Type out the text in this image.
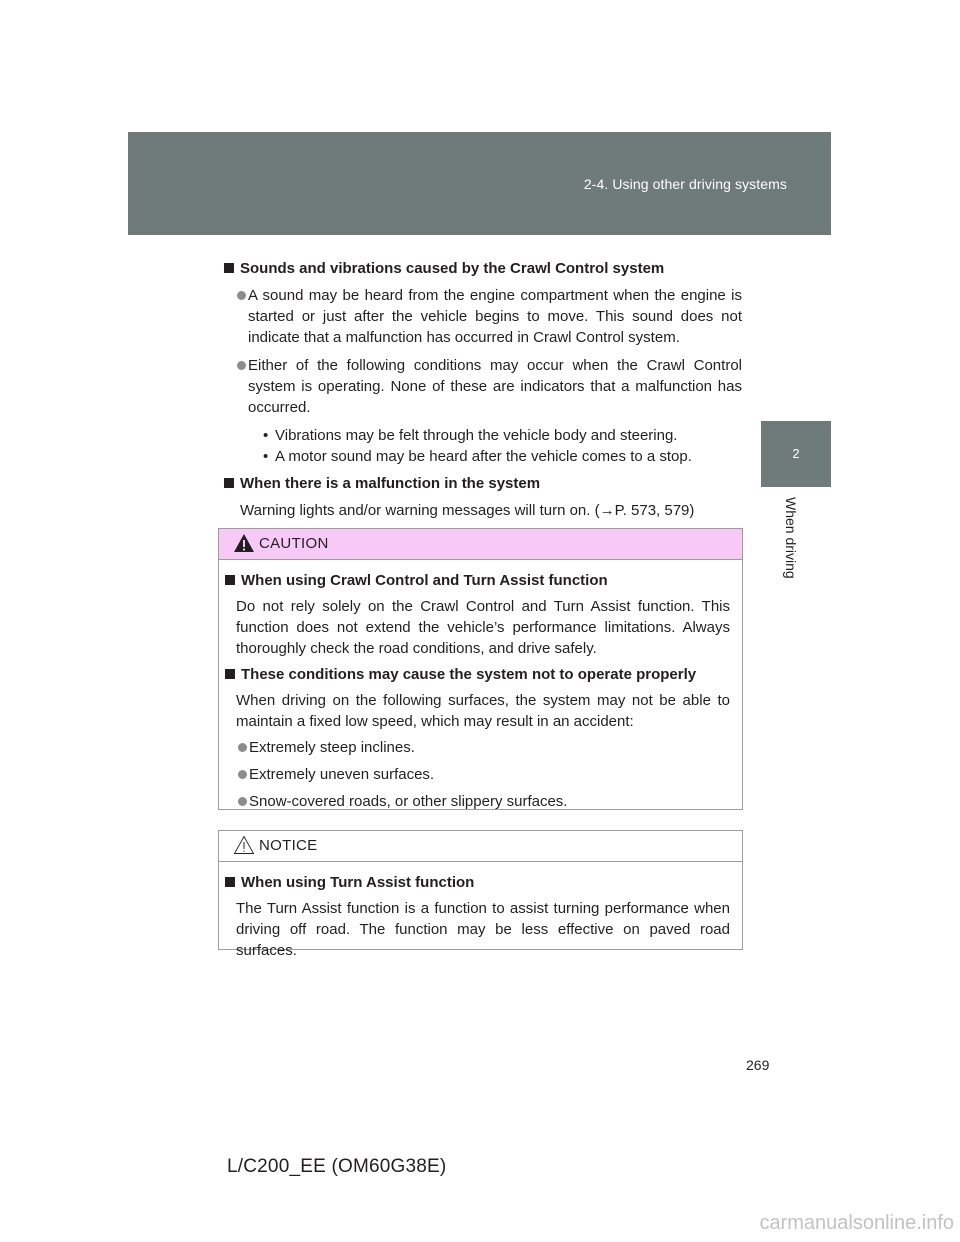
2-4. Using other driving systems
2
When driving

Sounds and vibrations caused by the Crawl Control system

A sound may be heard from the engine compartment when the engine is started or just after the vehicle begins to move. This sound does not indicate that a malfunction has occurred in Crawl Control system.

Either of the following conditions may occur when the Crawl Control system is operating. None of these are indicators that a malfunction has occurred.

• Vibrations may be felt through the vehicle body and steering.

• A motor sound may be heard after the vehicle comes to a stop.

When there is a malfunction in the system

Warning lights and/or warning messages will turn on. (→P. 573, 579)

CAUTION

When using Crawl Control and Turn Assist function

Do not rely solely on the Crawl Control and Turn Assist function. This function does not extend the vehicle’s performance limitations. Always thoroughly check the road conditions, and drive safely.

These conditions may cause the system not to operate properly

When driving on the following surfaces, the system may not be able to maintain a fixed low speed, which may result in an accident:

Extremely steep inclines.

Extremely uneven surfaces.

Snow-covered roads, or other slippery surfaces.

NOTICE

When using Turn Assist function

The Turn Assist function is a function to assist turning performance when driving off road. The function may be less effective on paved road surfaces.

269
L/C200_EE (OM60G38E)
carmanualsonline.info
